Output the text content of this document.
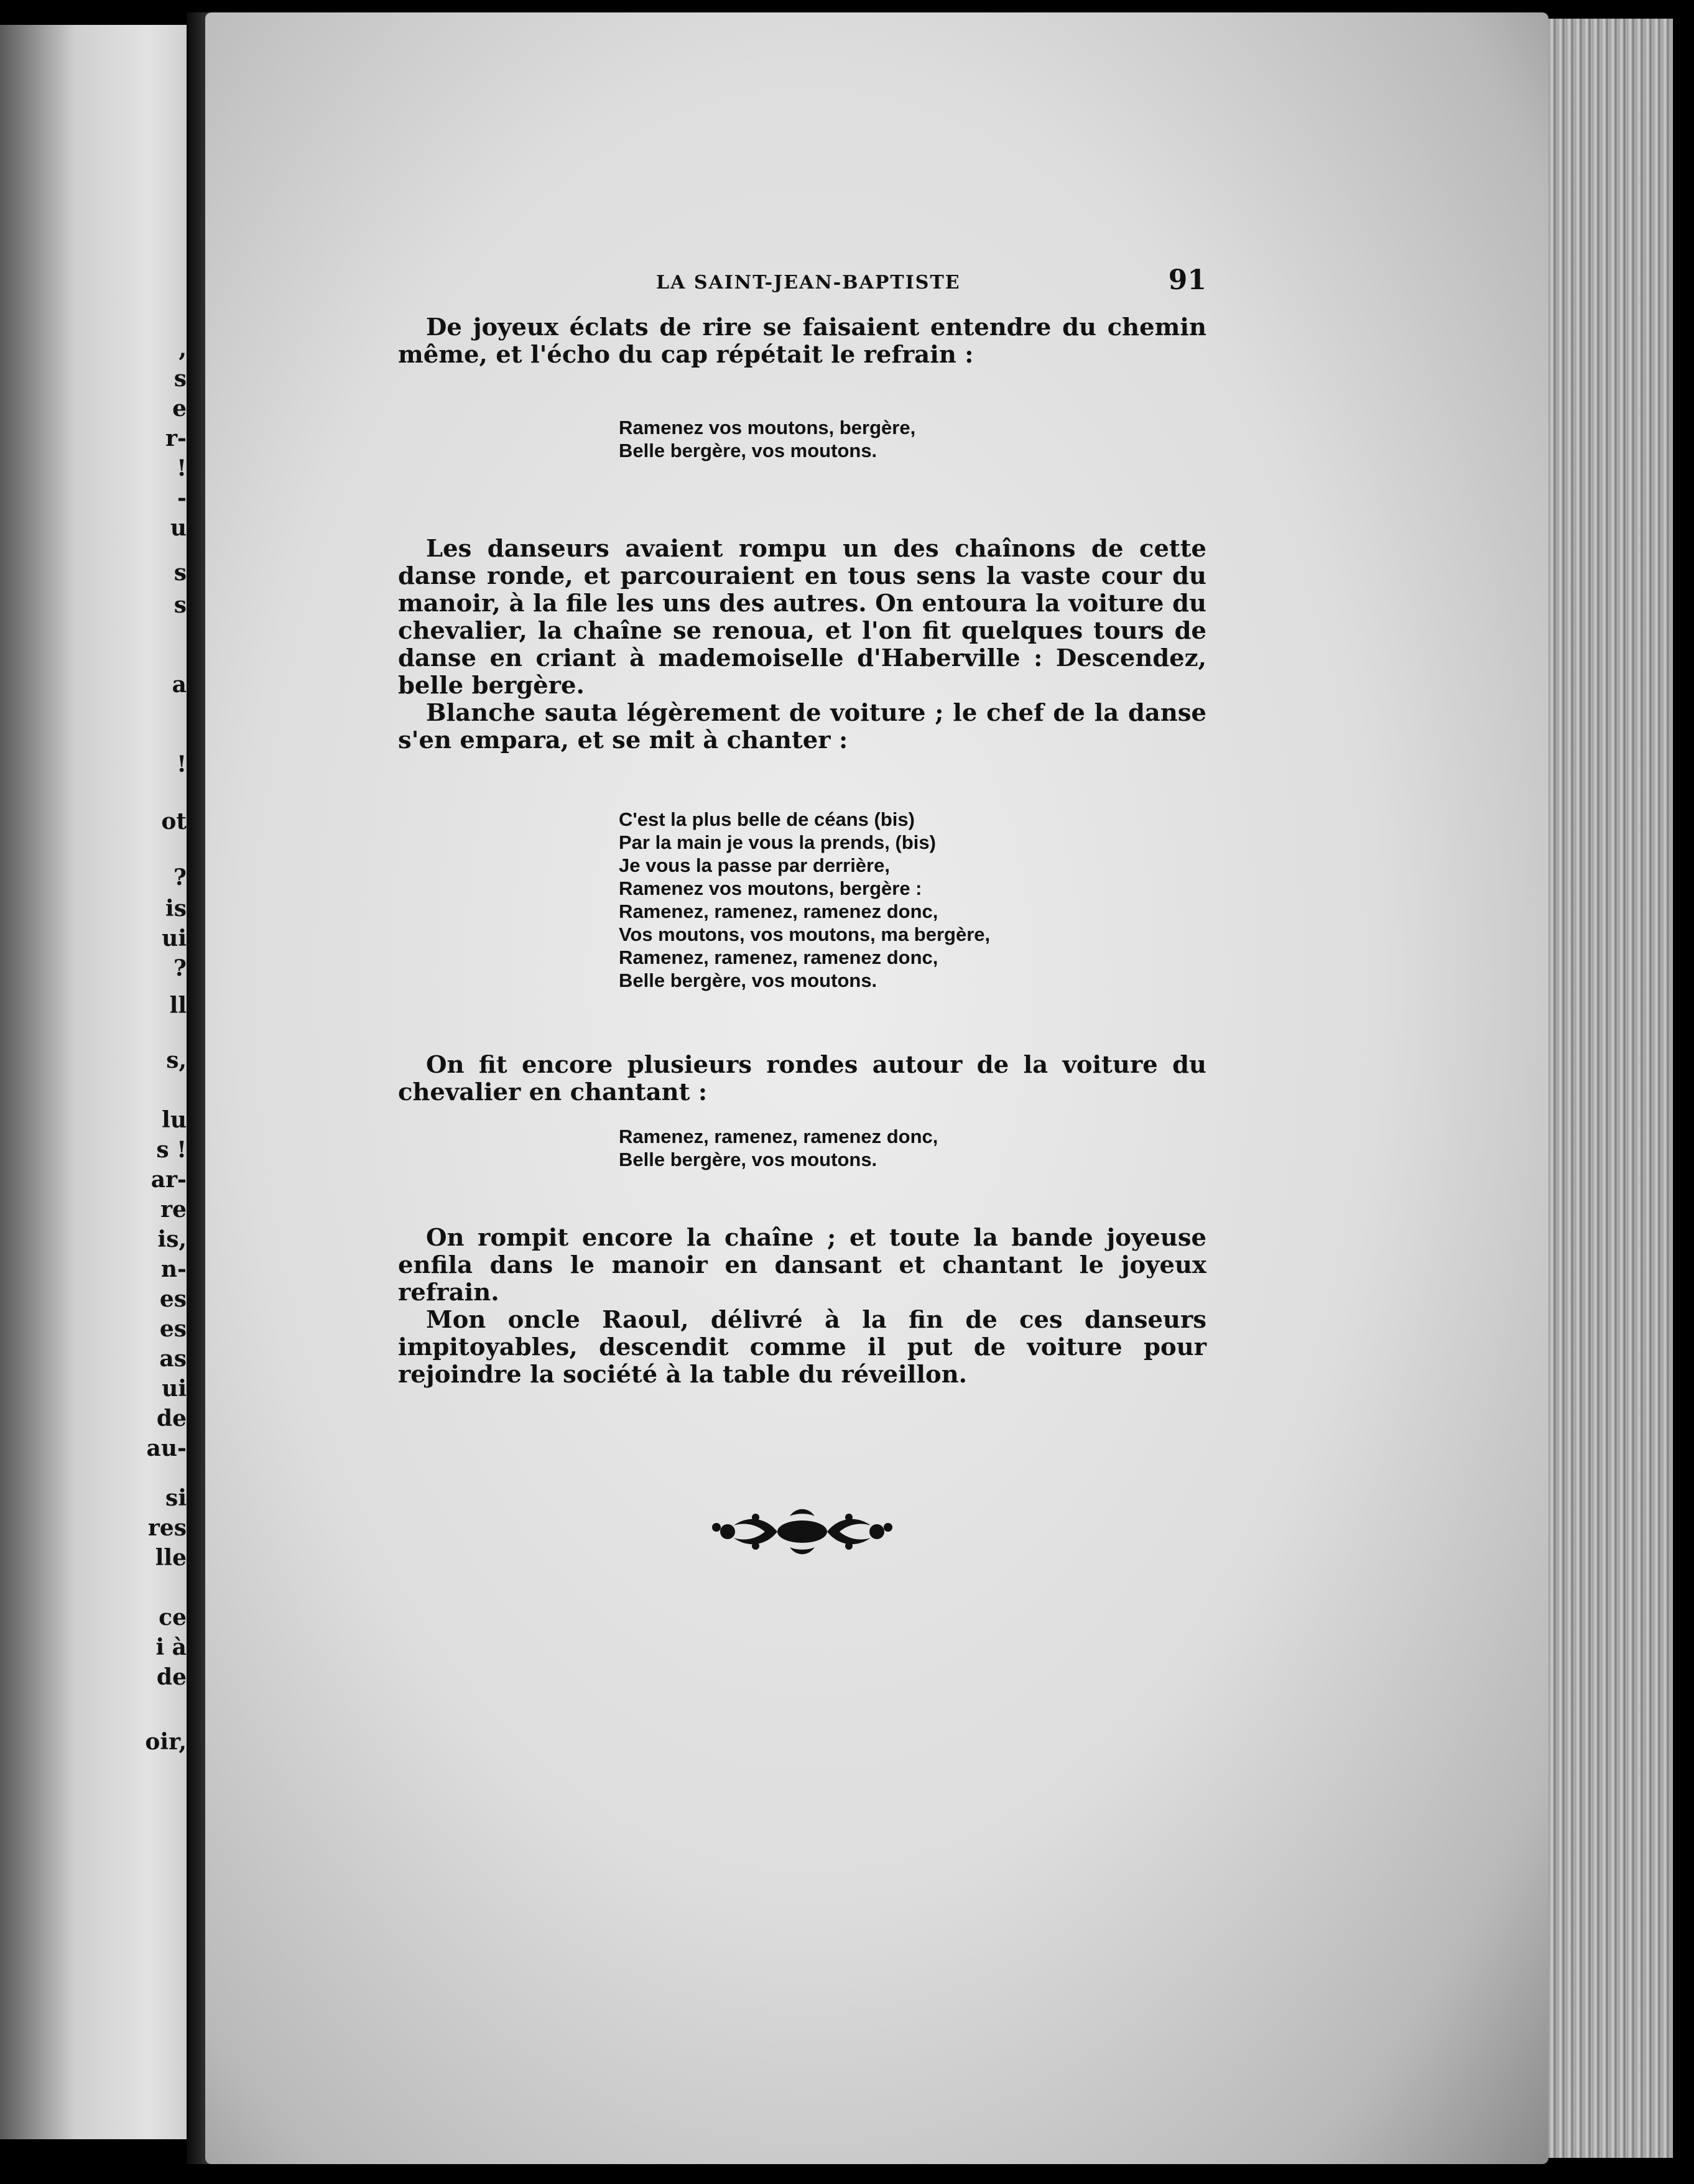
,
s
e
r-
!
-
u
s
s
a
!
ot
?
is
ui
?
ll
s,
lu
s !
ar-
re
is,
n-
es
es
as
ui
de
au-
si
res
lle
ce
i à
de
oir,
LA SAINT-JEAN-BAPTISTE	91

De joyeux éclats de rire se faisaient entendre du chemin même, et l'écho du cap répétait le refrain :

Ramenez vos moutons, bergère,
Belle bergère, vos moutons.

Les danseurs avaient rompu un des chaînons de cette danse ronde, et parcouraient en tous sens la vaste cour du manoir, à la file les uns des autres. On entoura la voiture du chevalier, la chaîne se renoua, et l'on fit quelques tours de danse en criant à mademoiselle d'Haberville : Descendez, belle bergère.

Blanche sauta légèrement de voiture ; le chef de la danse s'en empara, et se mit à chanter :

C'est la plus belle de céans (bis)
Par la main je vous la prends, (bis)
Je vous la passe par derrière,
Ramenez vos moutons, bergère :
Ramenez, ramenez, ramenez donc,
Vos moutons, vos moutons, ma bergère,
Ramenez, ramenez, ramenez donc,
Belle bergère, vos moutons.

On fit encore plusieurs rondes autour de la voiture du chevalier en chantant :

Ramenez, ramenez, ramenez donc,
Belle bergère, vos moutons.

On rompit encore la chaîne ; et toute la bande joyeuse enfila dans le manoir en dansant et chantant le joyeux refrain.

Mon oncle Raoul, délivré à la fin de ces danseurs impitoyables, descendit comme il put de voiture pour rejoindre la société à la table du réveillon.
